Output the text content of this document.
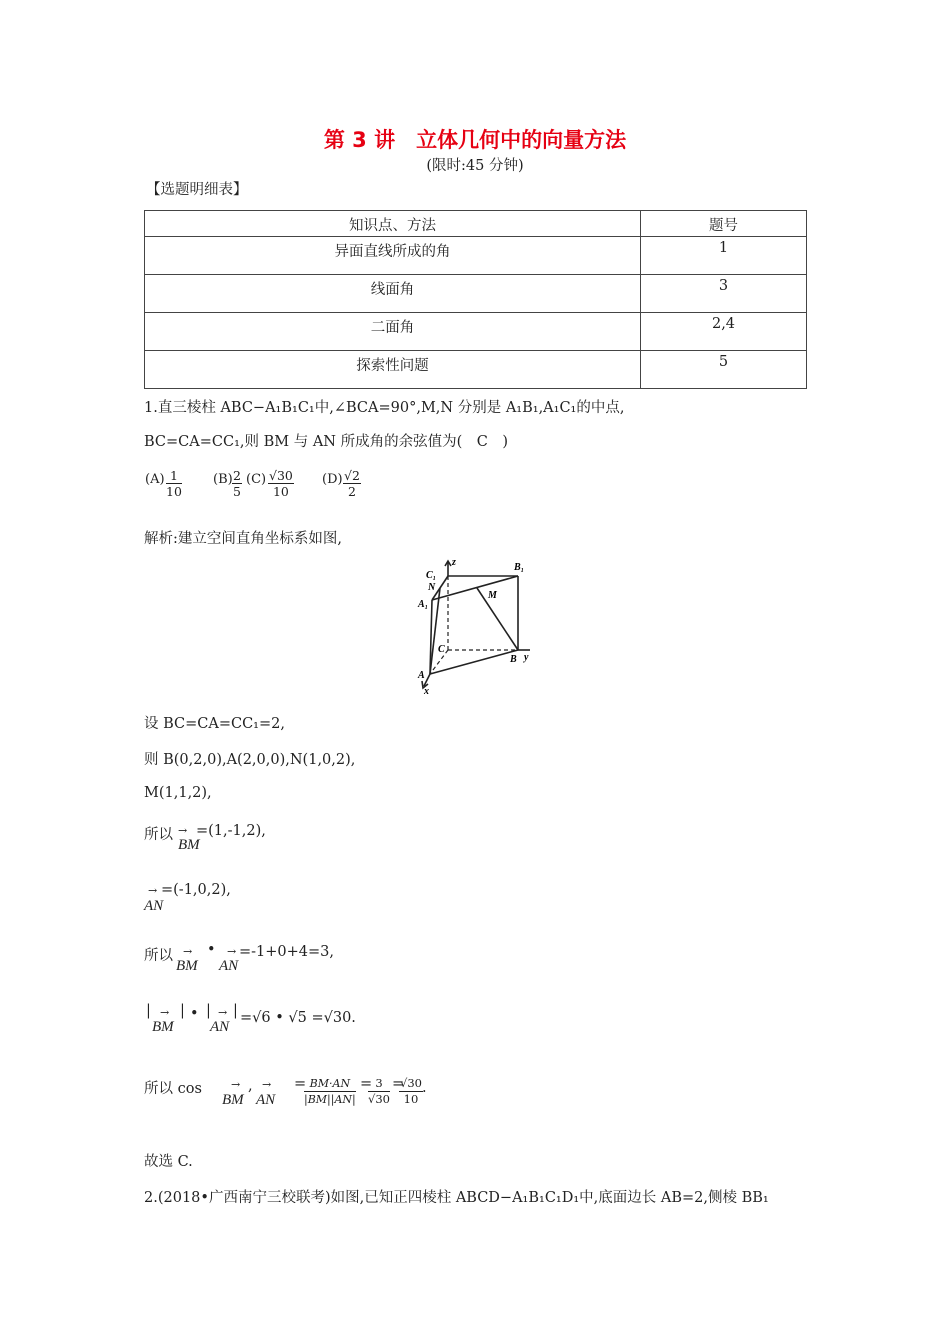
第 3 讲　立体几何中的向量方法
(限时:45 分钟)
【选题明细表】
知识点、方法	题号
异面直线所成的角	1
线面角	3
二面角	2,4
探索性问题	5
1.直三棱柱 ABC−A₁B₁C₁中,∠BCA=90°,M,N 分别是 A₁B₁,A₁C₁的中点,
BC=CA=CC₁,则 BM 与 AN 所成角的余弦值为(　C　)
$(A) \frac{1}{10} (B) \frac{2}{5} (C) \frac{√30}{10} (D) \frac{√2}{2}$
解析:建立空间直角坐标系如图,
z
C₁
B₁
N
A₁
M
C
B y
A
x
设 BC=CA=CC₁=2,
则 B(0,2,0),A(2,0,0),N(1,0,2),
M(1,1,2),
所以 →
BM
=(1,-1,2),
→
AN
=(-1,0,2),
所以 →
BM
• →
AN
=-1+0+4=3,
| →
BM
| • | →
AN
| =√6 • √5 =√30.
所以 cos	→
BM
, →
AN
=
$\frac{BM\cdot AN}{|BM||AN|}$ =
$\frac{3}{√30}$ =
$\frac{√30}{10}$ .
故选 C.
2.(2018•广西南宁三校联考)如图,已知正四棱柱 ABCD−A₁B₁C₁D₁中,底面边长 AB=2,侧棱 BB₁
